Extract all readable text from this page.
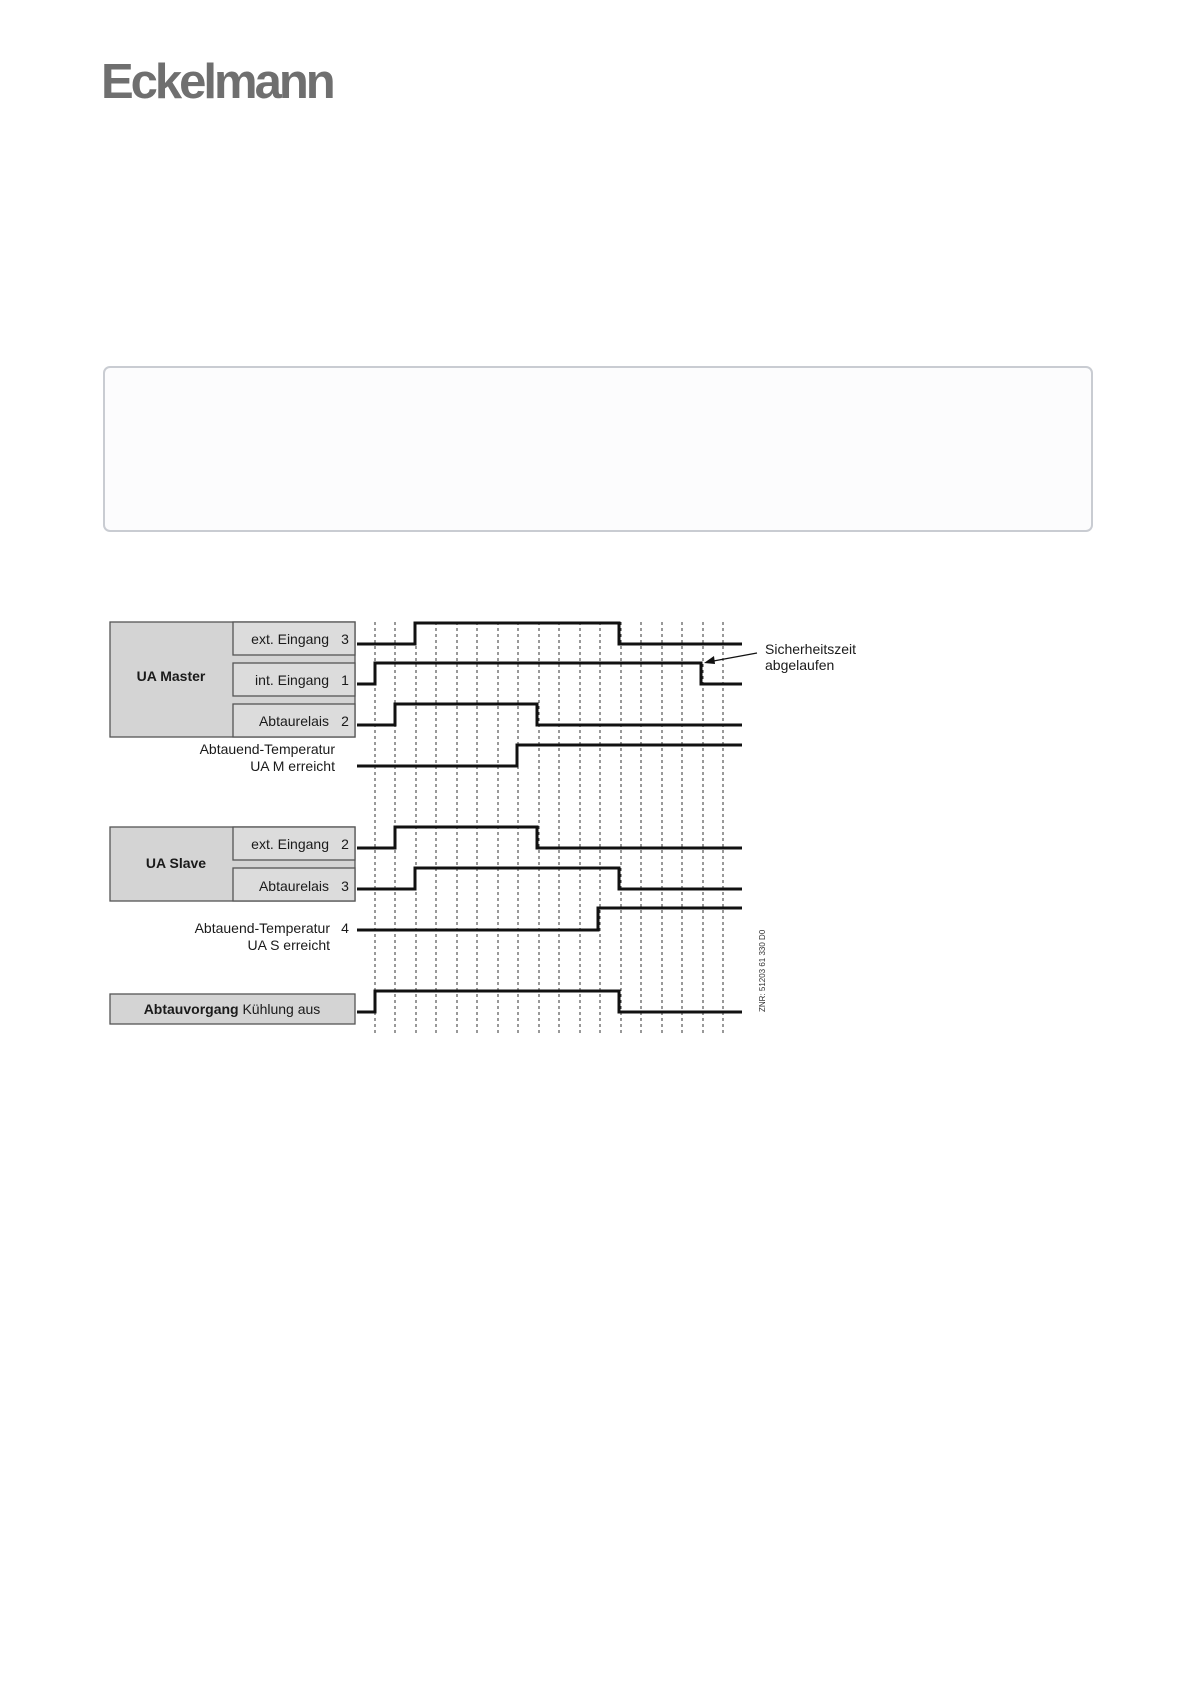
Eckelmann
UA Master
ext. Eingang 3
int. Eingang 1
Abtaurelais 2
Abtauend-Temperatur
UA M erreicht
UA Slave
ext. Eingang 2
Abtaurelais 3
Abtauend-Temperatur 4
UA S erreicht
Abtauvorgang Kühlung aus
Sicherheitszeit
abgelaufen
ZNR: 51203 61 330 D0
